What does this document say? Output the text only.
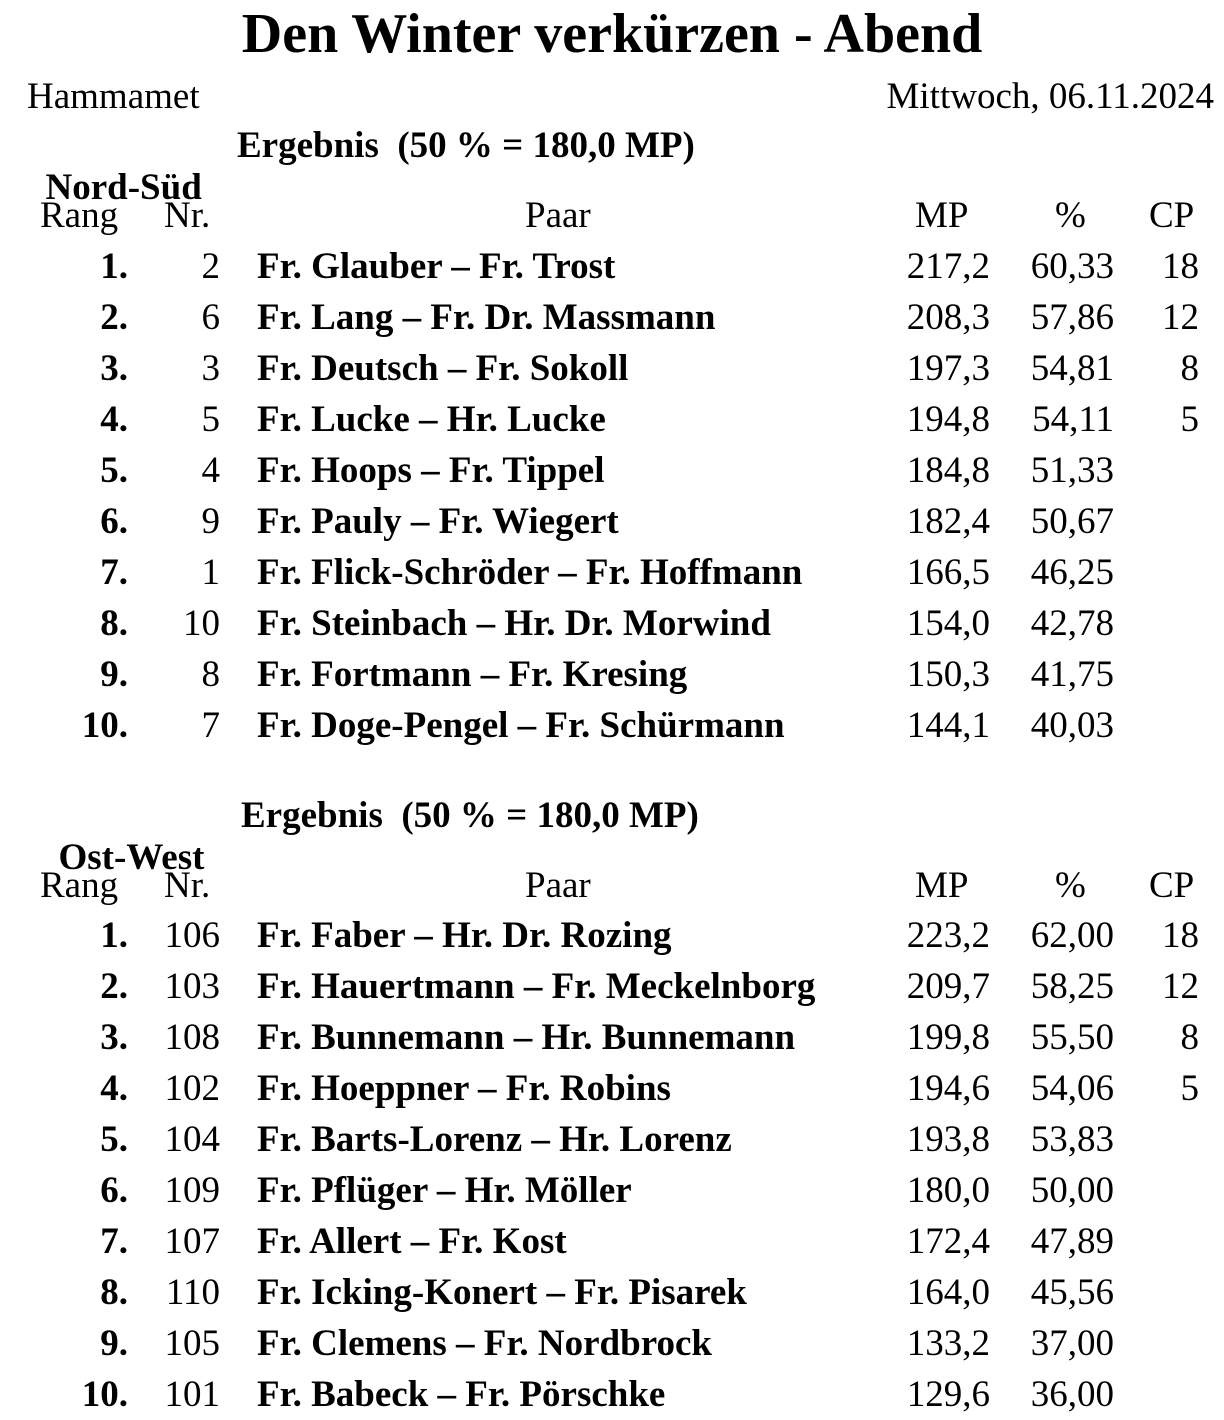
Den Winter verkürzen - Abend
Hammamet	Mittwoch, 06.11.2024

Nord-Süd
Ergebnis  (50 % = 180,0 MP)

Rang Nr.	Paar	MP % CP
1. 2 Fr. Glauber – Fr. Trost	217,2 60,33 18
2. 6 Fr. Lang – Fr. Dr. Massmann	208,3 57,86 12
3. 3 Fr. Deutsch – Fr. Sokoll	197,3 54,81 8
4. 5 Fr. Lucke – Hr. Lucke	194,8 54,11 5
5. 4 Fr. Hoops – Fr. Tippel	184,8 51,33
6. 9 Fr. Pauly – Fr. Wiegert	182,4 50,67
7. 1 Fr. Flick-Schröder – Fr. Hoffmann	166,5 46,25
8. 10 Fr. Steinbach – Hr. Dr. Morwind	154,0 42,78
9. 8 Fr. Fortmann – Fr. Kresing	150,3 41,75
10. 7 Fr. Doge-Pengel – Fr. Schürmann	144,1 40,03

Ost-West
Ergebnis  (50 % = 180,0 MP)

Rang Nr.	Paar	MP % CP
1. 106 Fr. Faber – Hr. Dr. Rozing	223,2 62,00 18
2. 103 Fr. Hauertmann – Fr. Meckelnborg 209,7 58,25 12
3. 108 Fr. Bunnemann – Hr. Bunnemann	199,8 55,50 8
4. 102 Fr. Hoeppner – Fr. Robins	194,6 54,06 5
5. 104 Fr. Barts-Lorenz – Hr. Lorenz	193,8 53,83
6. 109 Fr. Pflüger – Hr. Möller	180,0 50,00
7. 107 Fr. Allert – Fr. Kost	172,4 47,89
8. 110 Fr. Icking-Konert – Fr. Pisarek	164,0 45,56
9. 105 Fr. Clemens – Fr. Nordbrock	133,2 37,00
10. 101 Fr. Babeck – Fr. Pörschke	129,6 36,00
